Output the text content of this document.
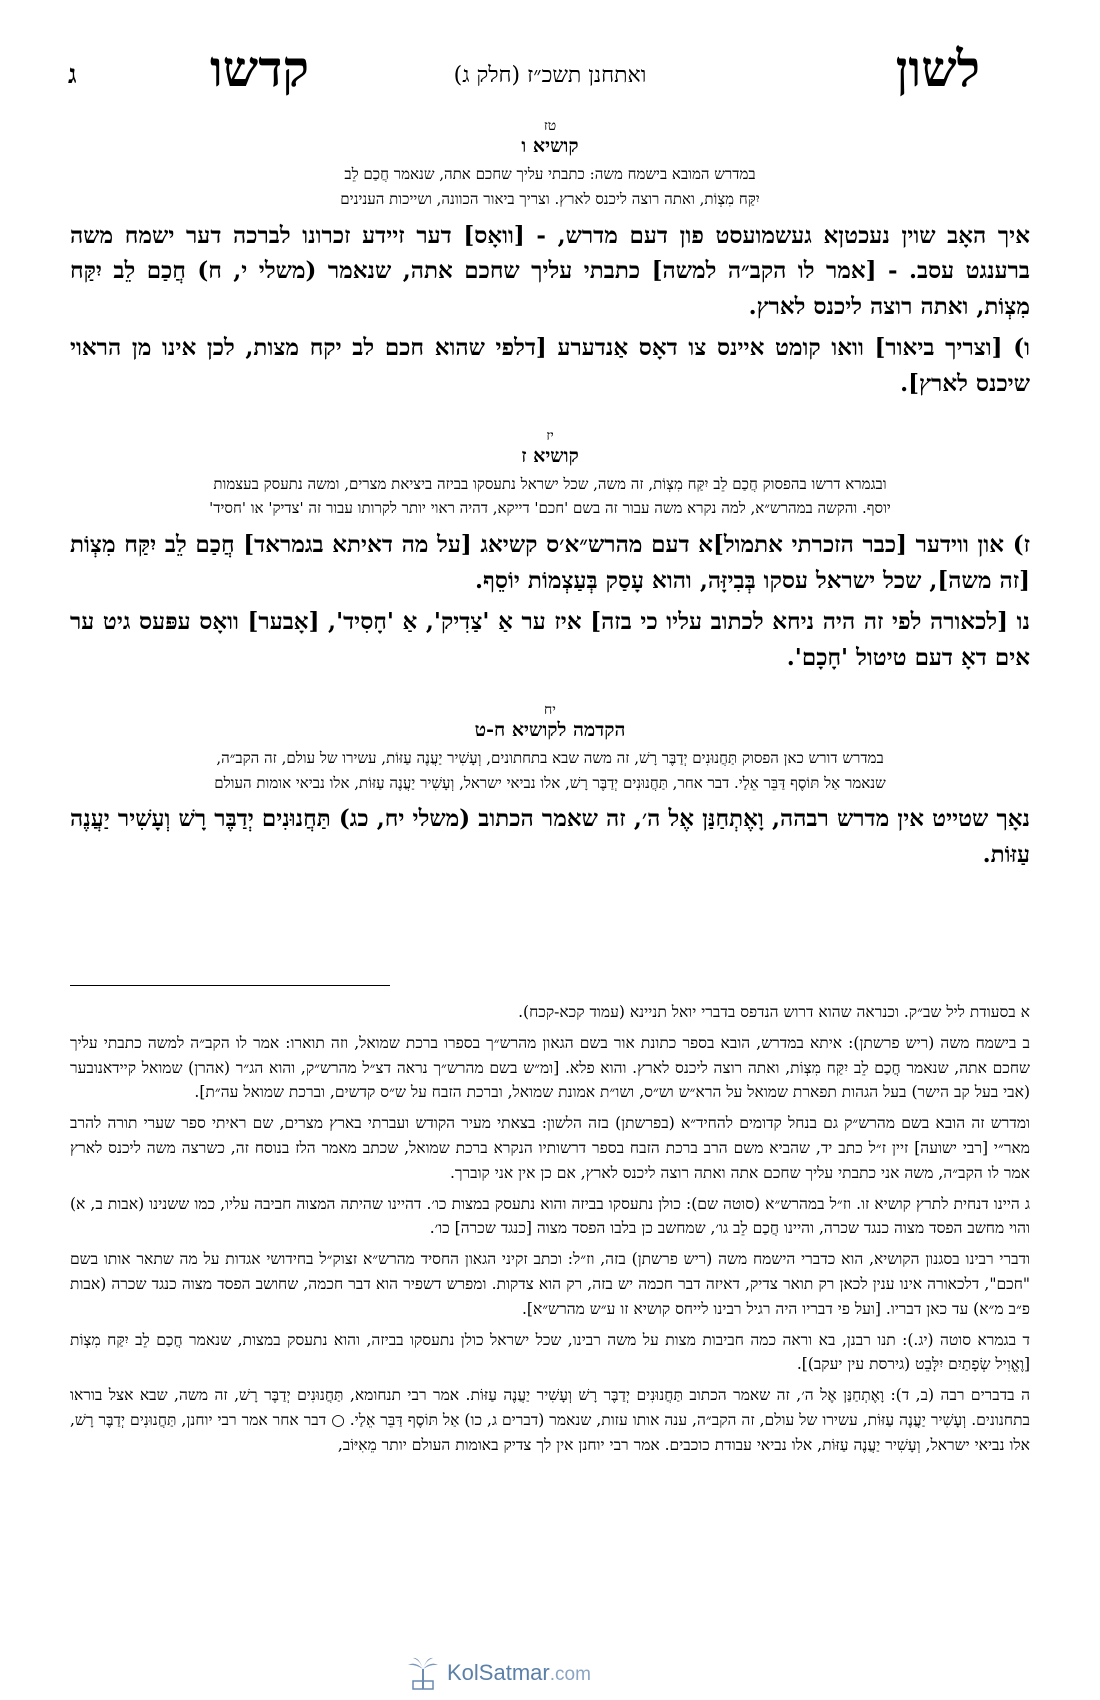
לשון
ואתחנן תשכ״ז (חלק ג)
קדשו
ג

טז

קושיא ו

במדרש המובא בישמח משה: כתבתי עליך שחכם אתה, שנאמר חֲכַם לֵב
יִקַּח מִצְוֹת, ואתה רוצה ליכנס לארץ. וצריך ביאור הכוונה, ושייכות הענינים

איך האָב שוין נעכטןא געשמועסט פון דעם מדרש, - [וואָס] דער זיידע זכרונו לברכה דער ישמח משה ברענגט עסב. - [אמר לו הקב״ה למשה] כתבתי עליך שחכם אתה, שנאמר (משלי י, ח) חֲכַם לֵב יִקַּח מִצְוֹת, ואתה רוצה ליכנס לארץ.

ו) [וצריך ביאור] וואו קומט איינס צו דאָס אַנדערע [דלפי שהוא חכם לב יקח מצות, לכן אינו מן הראוי שיכנס לארץ].

יז

קושיא ז

ובגמרא דרשו בהפסוק חֲכַם לֵב יִקַּח מִצְוֹת, זה משה, שכל ישראל נתעסקו בביזה ביציאת מצרים, ומשה נתעסק בעצמות
יוסף. והקשה במהרש״א, למה נקרא משה עבור זה בשם 'חכם' דייקא, דהיה ראוי יותר לקרותו עבור זה 'צדיק' או 'חסיד'

ז) און ווידער [כבר הזכרתי אתמול]א דעם מהרש״א׳ס קשיאג [על מה דאיתא בגמראד] חֲכַם לֵב יִקַּח מִצְוֹת [זה משה], שכל ישראל עסקו בְּבִיזָּה, והוא עָסַק בְּעַצְמוֹת יוֹסֵף.

נו [לכאורה לפי זה היה ניחא לכתוב עליו כי בזה] איז ער אַ 'צַדִיק', אַ 'חָסִיד', [אָבער] וואָס עפּעס גיט ער אים דאָ דעם טיטול 'חָכָם'.

יח

הקדמה לקושיא ח-ט

במדרש דורש כאן הפסוק תַּחֲנוּנִים יְדַבֶּר רָשׁ, זה משה שבא בתחתונים, וְעָשִׁיר יַעֲנֶה עַזּוֹת, עשירו של עולם, זה הקב״ה,
שנאמר אַל תּוֹסֶף דַּבֵּר אֵלַי. דבר אחר, תַּחֲנוּנִים יְדַבֶּר רָשׁ, אלו נביאי ישראל, וְעָשִׁיר יַעֲנֶה עַזּוֹת, אלו נביאי אומות העולם

נאָך שטייט אין מדרש רבהה, וָאֶתְחַנַּן אֶל ה׳, זה שאמר הכתוב (משלי יח, כג) תַּחֲנוּנִים יְדַבֶּר רָשׁ וְעָשִׁיר יַעֲנֶה עַזּוֹת.

א בסעודת ליל שב״ק. וכנראה שהוא דרוש הנדפס בדברי יואל תניינא (עמוד קכא-קכח).

ב בישמח משה (ריש פרשתן): איתא במדרש, הובא בספר כתונת אור בשם הגאון מהרש״ך בספרו ברכת שמואל, וזה תוארו: אמר לו הקב״ה למשה כתבתי עליך שחכם אתה, שנאמר חֲכַם לֵב יִקַּח מִצְוֹת, ואתה רוצה ליכנס לארץ. והוא פלא. [ומ״ש בשם מהרש״ך נראה דצ״ל מהרש״ק, והוא הג״ר (אהרן) שמואל קיידאנובער (אבי בעל קב הישר) בעל הגהות תפארת שמואל על הרא״ש וש״ס, ושו״ת אמונת שמואל, וברכת הזבח על ש״ס קדשים, וברכת שמואל עה״ת].

ומדרש זה הובא בשם מהרש״ק גם בנחל קדומים להחיד״א (בפרשתן) בזה הלשון: בצאתי מעיר הקודש ועברתי בארץ מצרים, שם ראיתי ספר שערי תורה להרב מאר״י [רבי ישועה] זיין ז״ל כתב יד, שהביא משם הרב ברכת הזבח בספר דרשותיו הנקרא ברכת שמואל, שכתב מאמר הלז בנוסח זה, כשרצה משה ליכנס לארץ אמר לו הקב״ה, משה אני כתבתי עליך שחכם אתה ואתה רוצה ליכנס לארץ, אם כן אין אני קוברך.

ג היינו דנחית לתרץ קושיא זו. וז״ל במהרש״א (סוטה שם): כולן נתעסקו בביזה והוא נתעסק במצות כו׳. דהיינו שהיתה המצוה חביבה עליו, כמו ששנינו (אבות ב, א) והוי מחשב הפסד מצוה כנגד שכרה, והיינו חֲכַם לֵב גו׳, שמחשב כן בלבו הפסד מצוה [כנגד שכרה] כו׳.

ודברי רבינו בסגנון הקושיא, הוא כדברי הישמח משה (ריש פרשתן) בזה, וז״ל: וכתב זקיני הגאון החסיד מהרש״א זצוק״ל בחידושי אגדות על מה שתאר אותו בשם "חכם", דלכאורה אינו ענין לכאן רק תואר צדיק, דאיזה דבר חכמה יש בזה, רק הוא צדקות. ומפרש דשפיר הוא דבר חכמה, שחושב הפסד מצוה כנגד שכרה (אבות פ״ב מ״א) עד כאן דבריו. [ועל פי דבריו היה רגיל רבינו לייחס קושיא זו ע״ש מהרש״א].

ד בגמרא סוטה (יג.): תנו רבנן, בא וראה כמה חביבות מצות על משה רבינו, שכל ישראל כולן נתעסקו בביזה, והוא נתעסק במצות, שנאמר חֲכַם לֵב יִקַּח מִצְוֹת [וֶאֱוִיל שְׂפָתַיִם יִלָּבֵט (גירסת עין יעקב)].

ה בדברים רבה (ב, ד): וָאֶתְחַנַּן אֶל ה׳, זה שאמר הכתוב תַּחֲנוּנִים יְדַבֶּר רָשׁ וְעָשִׁיר יַעֲנֶה עַזּוֹת. אמר רבי תנחומא, תַּחֲנוּנִים יְדַבֶּר רָשׁ, זה משה, שבא אצל בוראו בתחנונים. וְעָשִׁיר יַעֲנֶה עַזּוֹת, עשירו של עולם, זה הקב״ה, ענה אותו עזות, שנאמר (דברים ג, כו) אַל תּוֹסֶף דַּבֵּר אֵלַי. ○ דבר אחר אמר רבי יוחנן, תַּחֲנוּנִים יְדַבֶּר רָשׁ, אלו נביאי ישראל, וְעָשִׁיר יַעֲנֶה עַזּוֹת, אלו נביאי עבודת כוכבים. אמר רבי יוחנן אין לך צדיק באומות העולם יותר מֵאִיּוֹב,

KolSatmar.com
